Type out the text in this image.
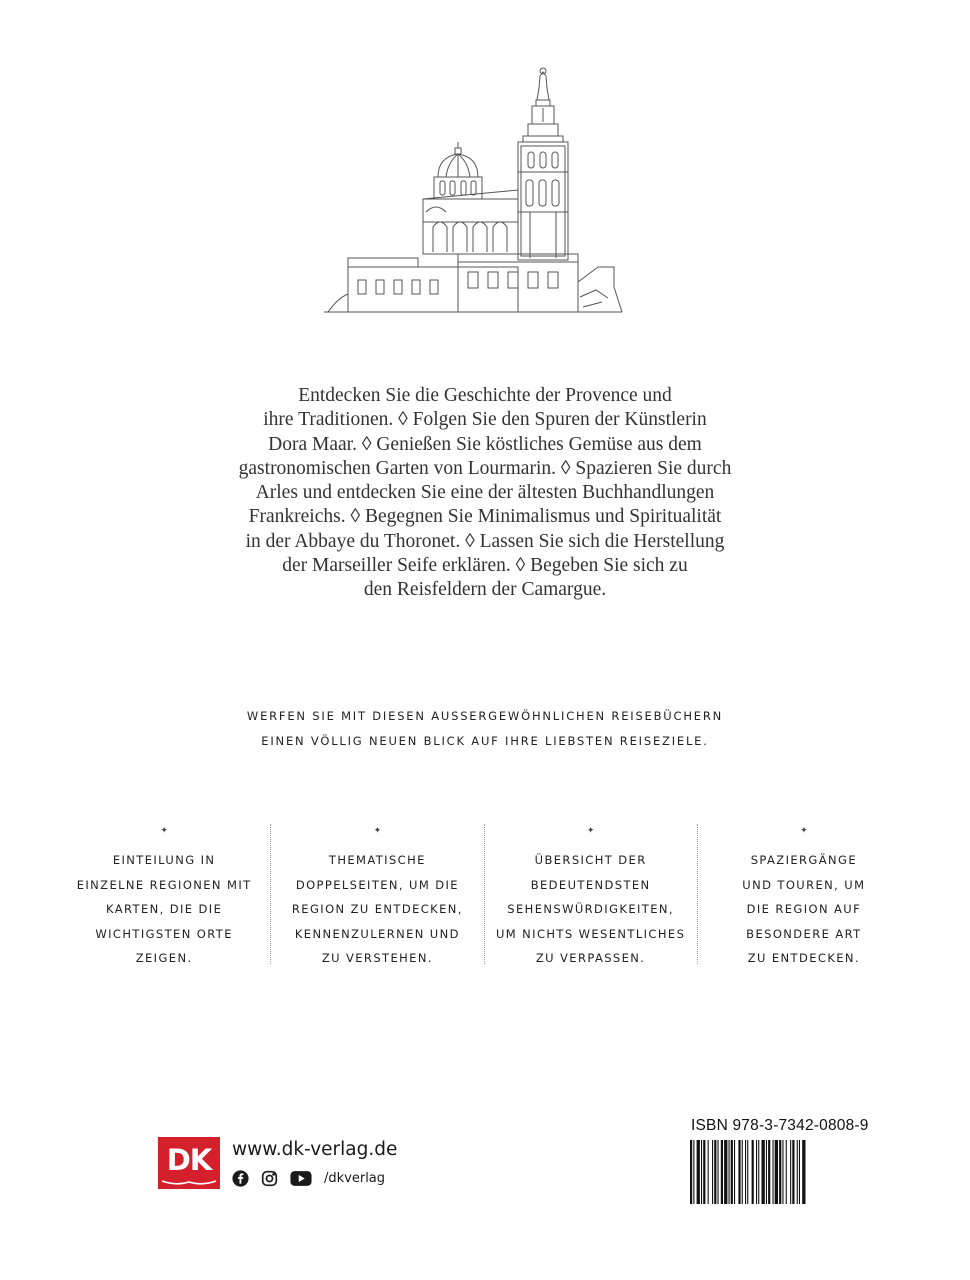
Entdecken Sie die Geschichte der Provence und
ihre Traditionen. ◊ Folgen Sie den Spuren der Künstlerin
Dora Maar. ◊ Genießen Sie köstliches Gemüse aus dem
gastronomischen Garten von Lourmarin. ◊ Spazieren Sie durch
Arles und entdecken Sie eine der ältesten Buchhandlungen
Frankreichs. ◊ Begegnen Sie Minimalismus und Spiritualität
in der Abbaye du Thoronet. ◊ Lassen Sie sich die Herstellung
der Marseiller Seife erklären. ◊ Begeben Sie sich zu
den Reisfeldern der Camargue.

WERFEN SIE MIT DIESEN AUSSERGEWÖHNLICHEN REISEBÜCHERN
EINEN VÖLLIG NEUEN BLICK AUF IHRE LIEBSTEN REISEZIELE.

✦
EINTEILUNG IN
EINZELNE REGIONEN MIT
KARTEN, DIE DIE
WICHTIGSTEN ORTE
ZEIGEN.
✦
THEMATISCHE
DOPPELSEITEN, UM DIE
REGION ZU ENTDECKEN,
KENNENZULERNEN UND
ZU VERSTEHEN.
✦
ÜBERSICHT DER
BEDEUTENDSTEN
SEHENSWÜRDIGKEITEN,
UM NICHTS WESENTLICHES
ZU VERPASSEN.
✦
SPAZIERGÄNGE
UND TOUREN, UM
DIE REGION AUF
BESONDERE ART
ZU ENTDECKEN.
DK	www.dk-verlag.de

/dkverlag

ISBN 978-3-7342-0808-9
